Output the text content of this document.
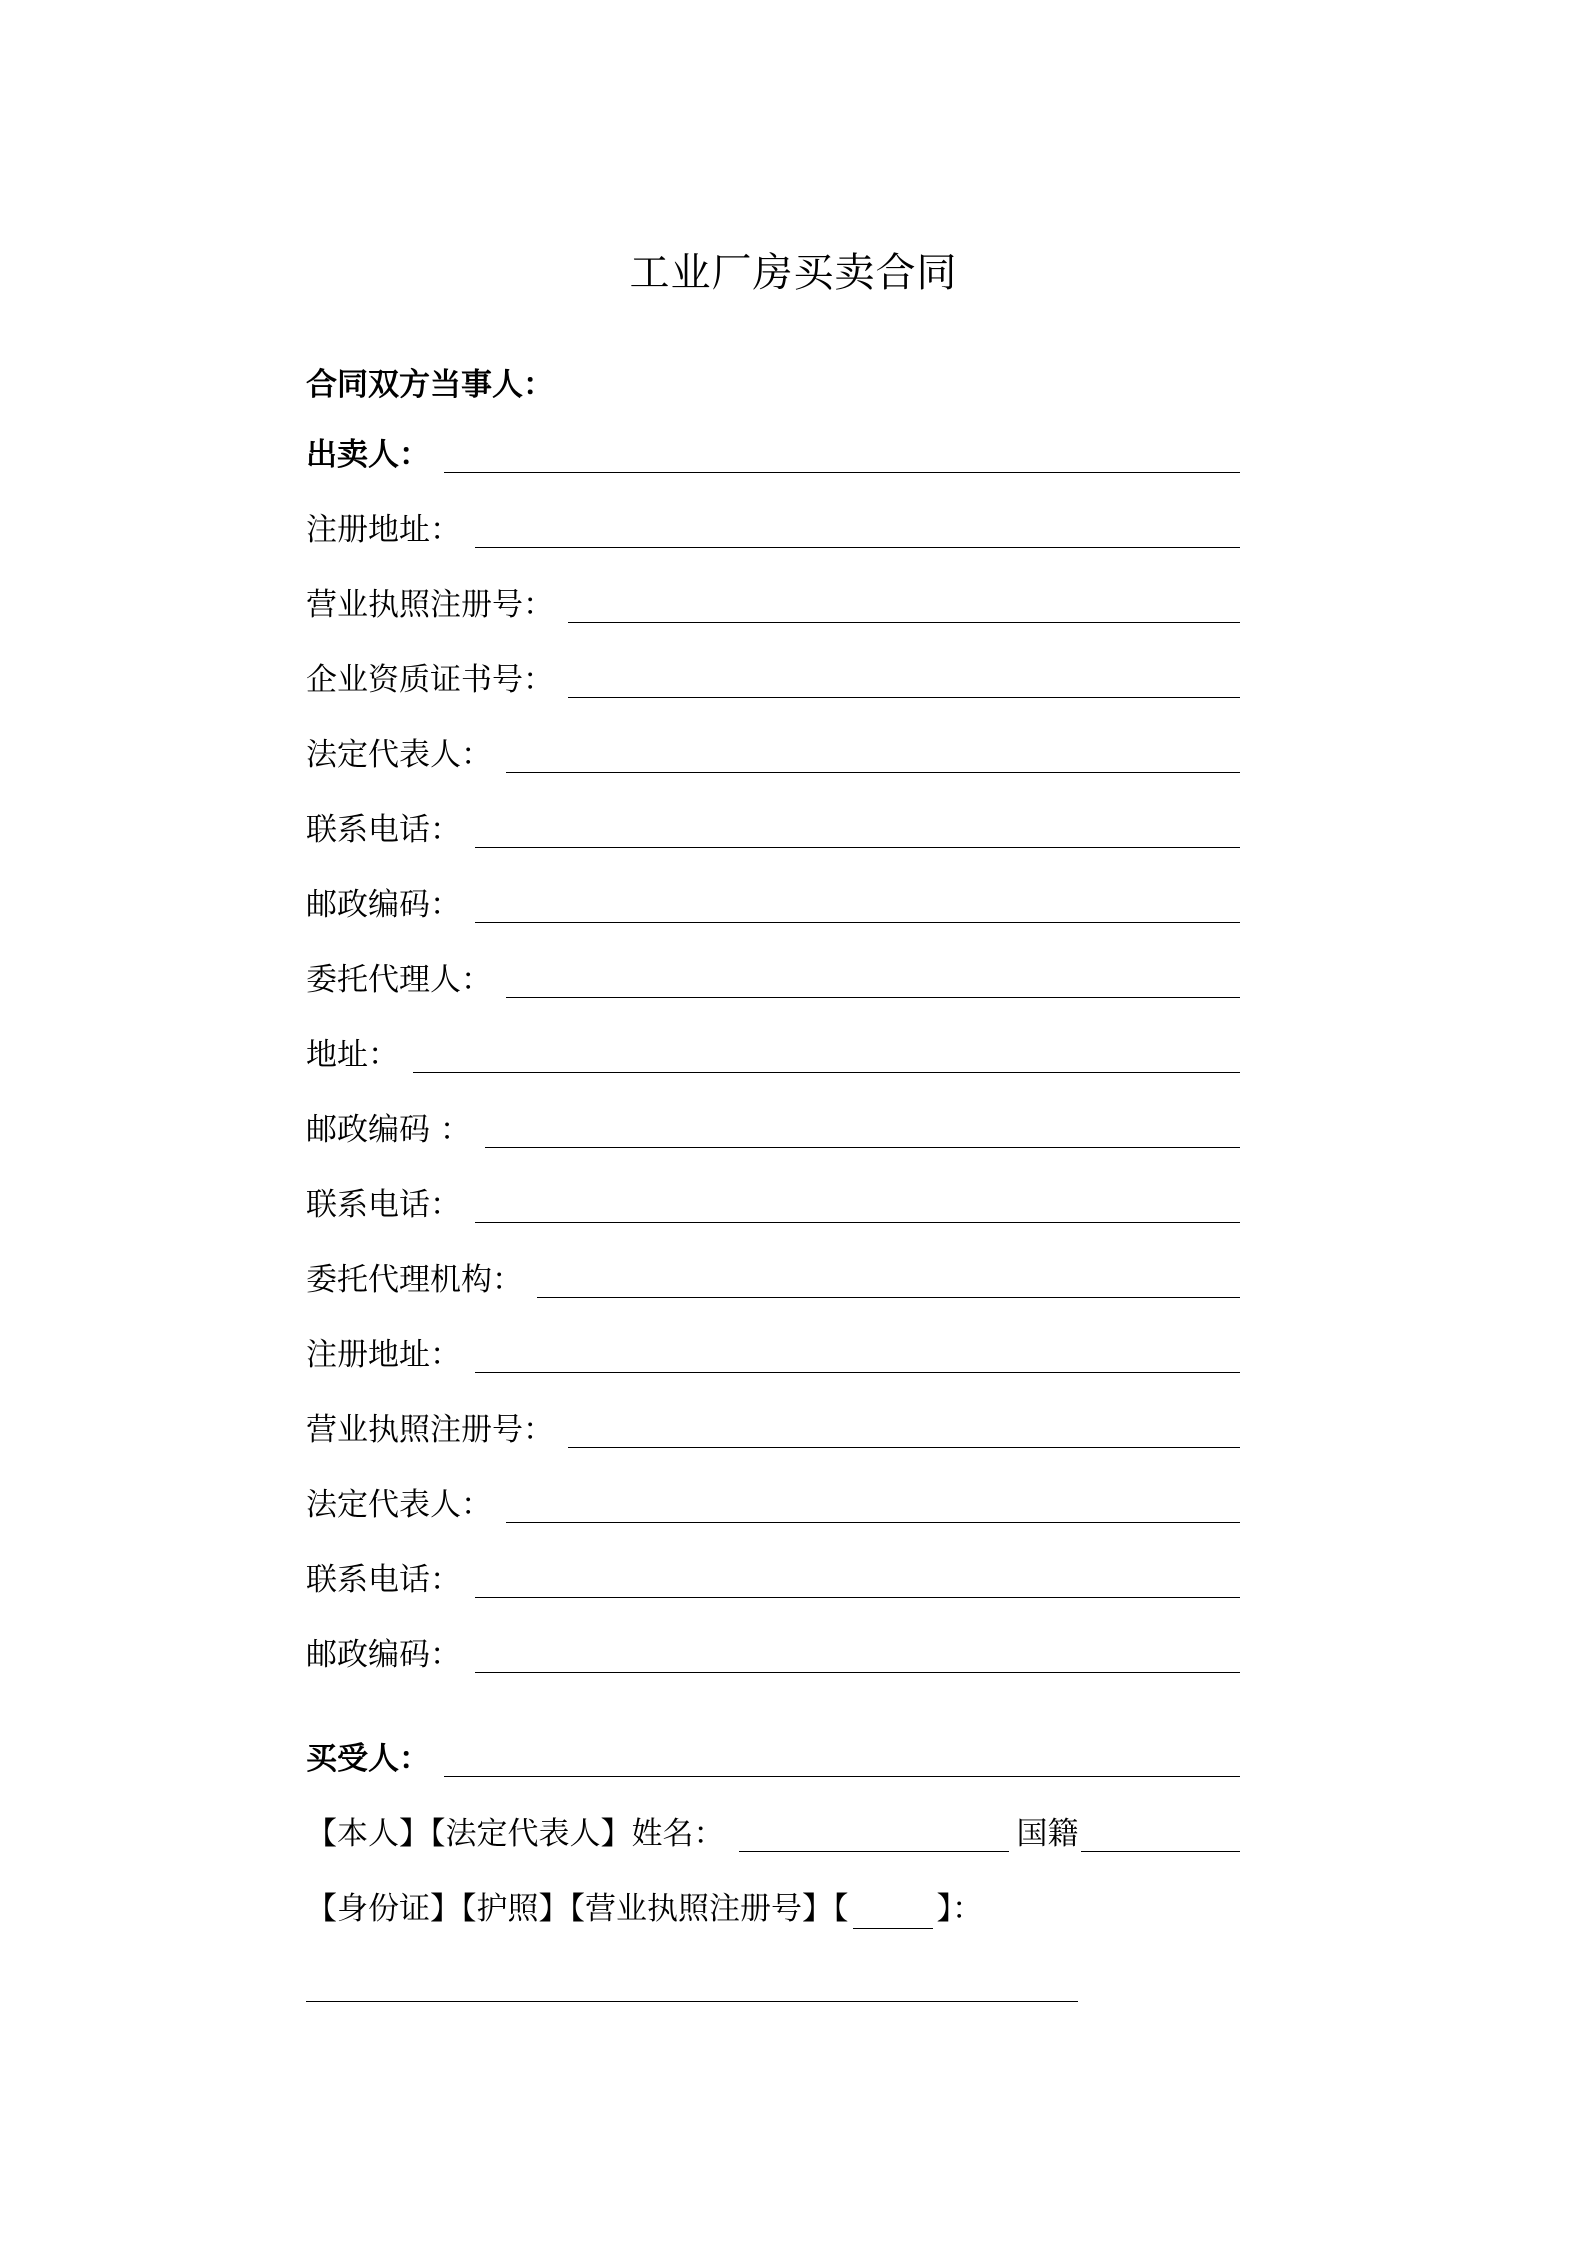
工业厂房买卖合同
合同双方当事人：
出卖人：
注册地址：
营业执照注册号：
企业资质证书号：
法定代表人：
联系电话：
邮政编码：
委托代理人：
地址：
邮政编码 ：
联系电话：
委托代理机构：
注册地址：
营业执照注册号：
法定代表人：
联系电话：
邮政编码：
买受人：
【本人】【法定代表人】姓名：	国籍
【身份证】【护照】【营业执照注册号】【	】：
